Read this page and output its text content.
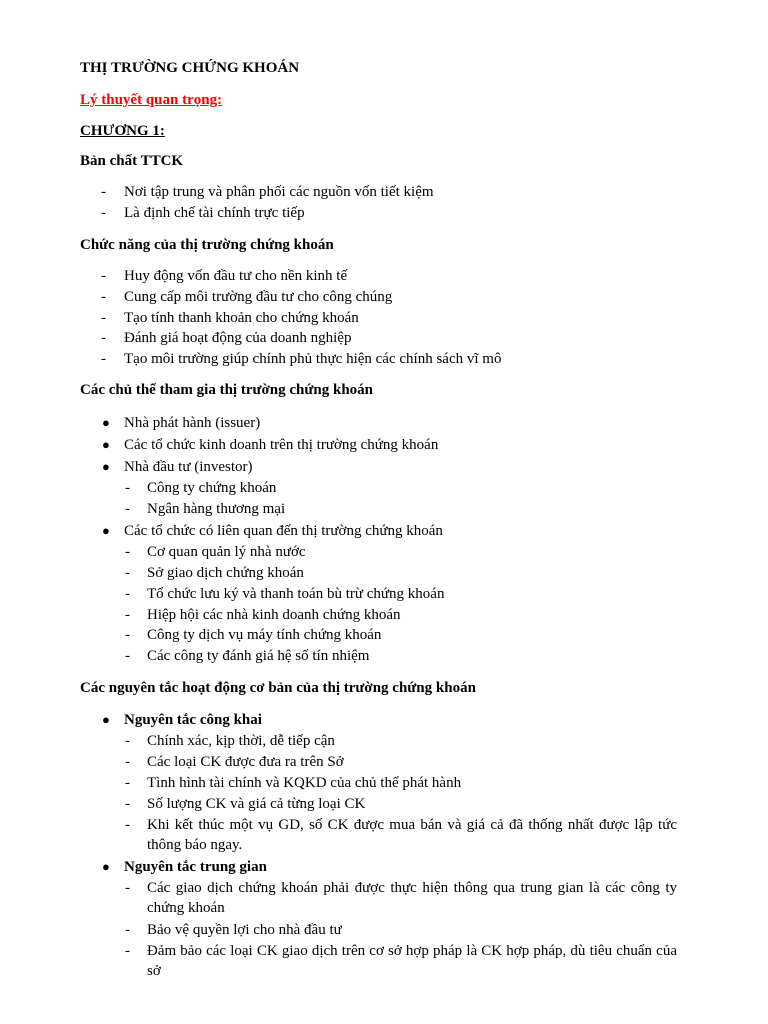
THỊ TRƯỜNG CHỨNG KHOÁN
Lý thuyết quan trọng:
CHƯƠNG 1:
Bản chất TTCK
- Nơi tập trung và phân phối các nguồn vốn tiết kiệm
- Là định chế tài chính trực tiếp
Chức năng của thị trường chứng khoán
- Huy động vốn đầu tư cho nền kinh tế
- Cung cấp môi trường đầu tư cho công chúng
- Tạo tính thanh khoản cho chứng khoán
- Đánh giá hoạt động của doanh nghiệp
- Tạo môi trường giúp chính phủ thực hiện các chính sách vĩ mô
Các chủ thể tham gia thị trường chứng khoán
● Nhà phát hành (issuer)
● Các tổ chức kinh doanh trên thị trường chứng khoán
● Nhà đầu tư (investor)
- Công ty chứng khoán
- Ngân hàng thương mại
● Các tổ chức có liên quan đến thị trường chứng khoán
- Cơ quan quản lý nhà nước
- Sở giao dịch chứng khoán
- Tổ chức lưu ký và thanh toán bù trừ chứng khoán
- Hiệp hội các nhà kinh doanh chứng khoán
- Công ty dịch vụ máy tính chứng khoán
- Các công ty đánh giá hệ số tín nhiệm
Các nguyên tắc hoạt động cơ bản của thị trường chứng khoán
● Nguyên tắc công khai
- Chính xác, kịp thời, dễ tiếp cận
- Các loại CK được đưa ra trên Sở
- Tình hình tài chính và KQKD của chủ thể phát hành
- Số lượng CK và giá cả từng loại CK
- Khi kết thúc một vụ GD, số CK được mua bán và giá cả đã thống nhất được lập tức thông báo ngay.
● Nguyên tắc trung gian
- Các giao dịch chứng khoán phải được thực hiện thông qua trung gian là các công ty chứng khoán
- Bảo vệ quyền lợi cho nhà đầu tư
- Đảm bảo các loại CK giao dịch trên cơ sở hợp pháp là CK hợp pháp, dù tiêu chuẩn của sở
